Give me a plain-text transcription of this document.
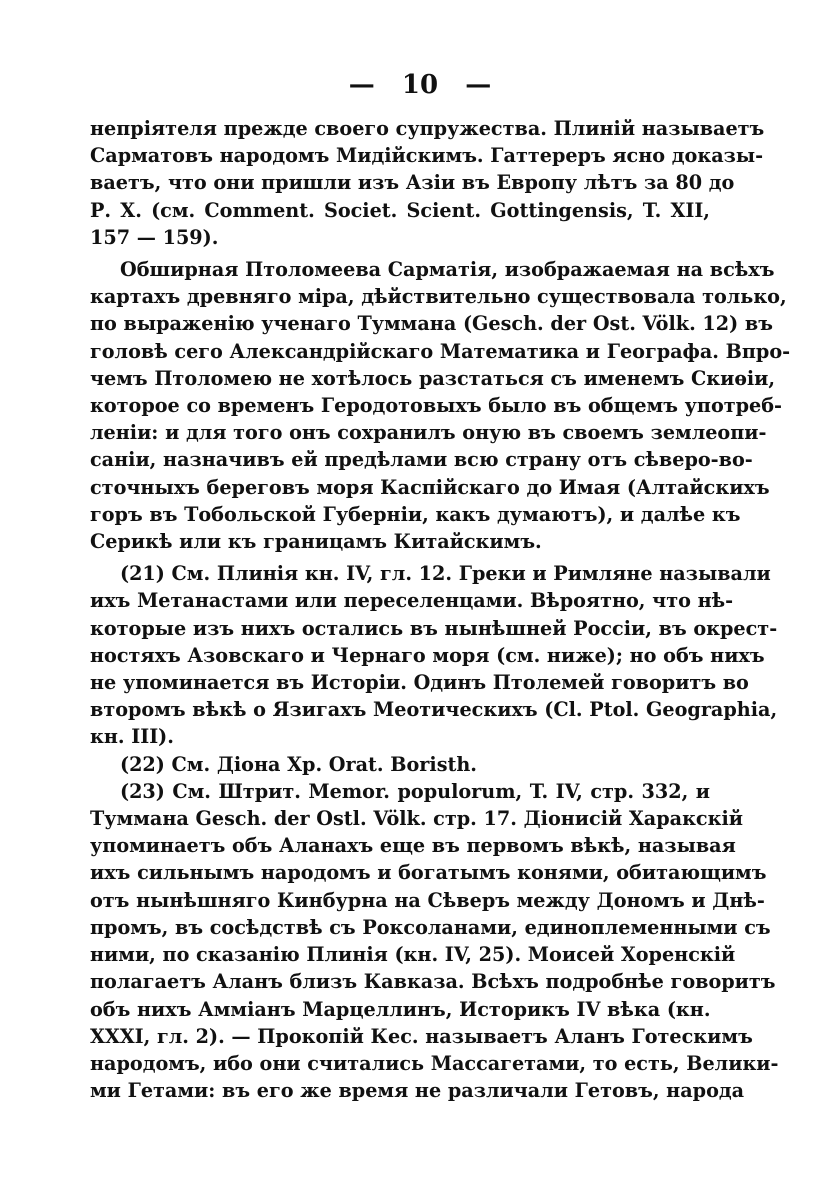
— 10 —
непріятеля прежде своего супружества. Плиній называетъ
Сарматовъ народомъ Мидійскимъ. Гаттереръ ясно доказы-
ваетъ, что они пришли изъ Азіи въ Европу лѣтъ за 80 до
Р. Х. (см. Comment. Societ. Scient. Gottingensis, T. XII,
157 — 159).
Обширная Птоломеева Сарматія, изображаемая на всѣхъ
картахъ древняго міра, дѣйствительно существовала только,
по выраженію ученаго Туммана (Gesch. der Ost. Völk. 12) въ
головѣ сего Александрійскаго Математика и Географа. Впро-
чемъ Птоломею не хотѣлось разстаться съ именемъ Скиѳіи,
которое со временъ Геродотовыхъ было въ общемъ употреб-
леніи: и для того онъ сохранилъ оную въ своемъ землеопи-
саніи, назначивъ ей предѣлами всю страну отъ сѣверо-во-
сточныхъ береговъ моря Каспійскаго до Имая (Алтайскихъ
горъ въ Тобольской Губерніи, какъ думаютъ), и далѣе къ
Серикѣ или къ границамъ Китайскимъ.
(21) См. Плинія кн. IV, гл. 12. Греки и Римляне называли
ихъ Метанастами или переселенцами. Вѣроятно, что нѣ-
которые изъ нихъ остались въ нынѣшней Россіи, въ окрест-
ностяхъ Азовскаго и Чернаго моря (см. ниже); но объ нихъ
не упоминается въ Исторіи. Одинъ Птолемей говоритъ во
второмъ вѣкѣ о Язигахъ Меотическихъ (Cl. Ptol. Geographia,
кн. III).
(22) См. Діона Хр. Orat. Boristh.
(23) См. Штрит. Memor. populorum, T. IV, стр. 332, и
Туммана Gesch. der Ostl. Völk. стр. 17. Діонисій Харакскій
упоминаетъ объ Аланахъ еще въ первомъ вѣкѣ, называя
ихъ сильнымъ народомъ и богатымъ конями, обитающимъ
отъ нынѣшняго Кинбурна на Сѣверъ между Дономъ и Днѣ-
промъ, въ сосѣдствѣ съ Роксоланами, единоплеменными съ
ними, по сказанію Плинія (кн. IV, 25). Моисей Хоренскій
полагаетъ Аланъ близъ Кавказа. Всѣхъ подробнѣе говоритъ
объ нихъ Амміанъ Марцеллинъ, Историкъ IV вѣка (кн.
XXXI, гл. 2). — Прокопій Кес. называетъ Аланъ Готескимъ
народомъ, ибо они считались Массагетами, то есть, Велики-
ми Гетами: въ его же время не различали Гетовъ, народа
